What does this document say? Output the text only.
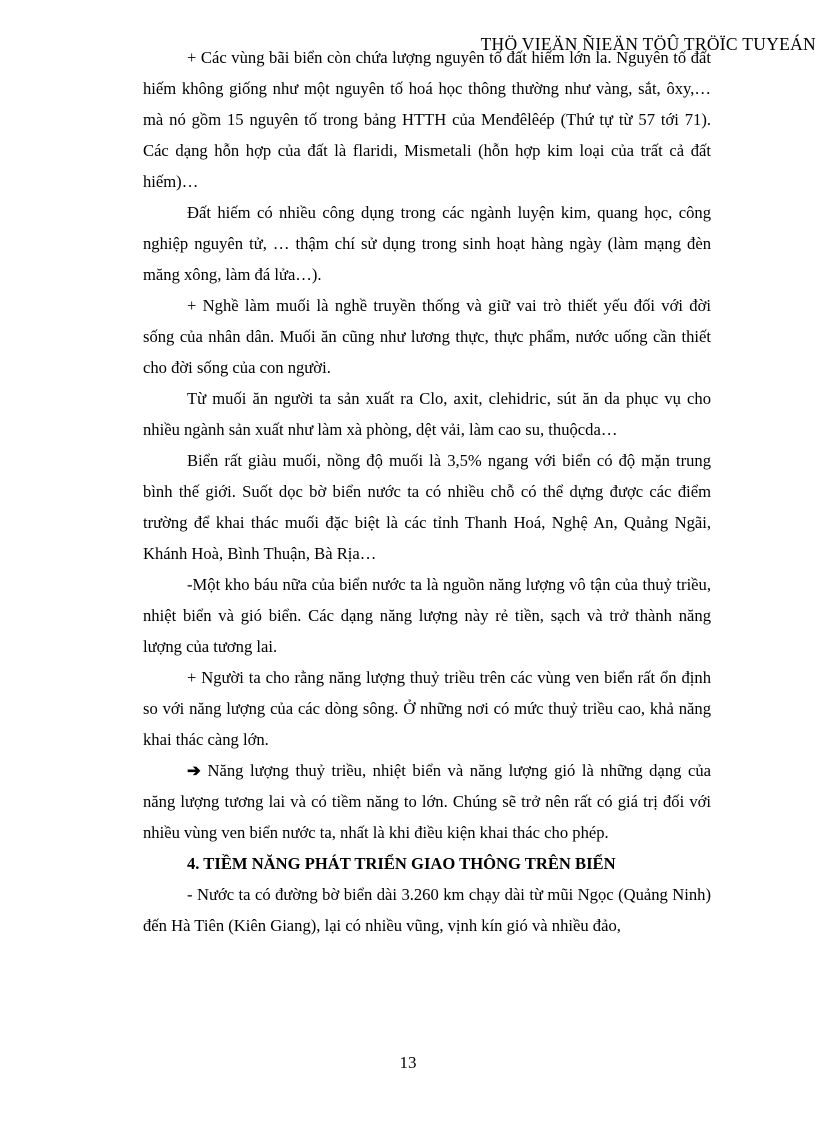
THÖ VIEÄN ÑIEÄN TÖÛ TRÖÏC TUYEÁN

+ Các vùng bãi biển còn chứa lượng nguyên tố đất hiếm lớn la. Nguyên tố đất hiếm không giống như một nguyên tố hoá học thông thường như vàng, sắt, ôxy,… mà nó gồm 15 nguyên tố trong bảng HTTH của Menđêlêép (Thứ tự từ 57 tới 71). Các dạng hỗn hợp của đất là flaridi, Mismetali (hỗn hợp kim loại của trất cả đất hiếm)…

Đất hiếm có nhiều công dụng trong các ngành luyện kim, quang học, công nghiệp nguyên tử, … thậm chí sử dụng trong sinh hoạt hàng ngày (làm mạng đèn măng xông, làm đá lửa…).

+ Nghề làm muối là nghề truyền thống và giữ vai trò thiết yếu đối với đời sống của nhân dân. Muối ăn cũng như lương thực, thực phẩm, nước uống cần thiết cho đời sống của con người.

Từ muối ăn người ta sản xuất ra Clo, axit, clehidric, sút ăn da phục vụ cho nhiều ngành sản xuất như làm xà phòng, dệt vải, làm cao su, thuộcda…

Biển rất giàu muối, nồng độ muối là 3,5% ngang với biển có độ mặn trung bình thế giới. Suốt dọc bờ biển nước ta có nhiều chỗ có thể dựng được các điểm trường để khai thác muối đặc biệt là các tỉnh Thanh Hoá, Nghệ An, Quảng Ngãi, Khánh Hoà, Bình Thuận, Bà Rịa…

-Một kho báu nữa của biển nước ta là nguồn năng lượng vô tận của thuỷ triều, nhiệt biển và gió biển. Các dạng năng lượng này rẻ tiền, sạch và trở thành năng lượng của tương lai.

+ Người ta cho rằng năng lượng thuỷ triều trên các vùng ven biển rất ổn định so với năng lượng của các dòng sông. Ở những nơi có mức thuỷ triều cao, khả năng khai thác càng lớn.

➔ Năng lượng thuỷ triều, nhiệt biển và năng lượng gió là những dạng của năng lượng tương lai và có tiềm năng to lớn. Chúng sẽ trở nên rất có giá trị đối với nhiều vùng ven biển nước ta, nhất là khi điều kiện khai thác cho phép.

4. TIỀM NĂNG PHÁT TRIỂN GIAO THÔNG TRÊN BIỂN

- Nước ta có đường bờ biển dài 3.260 km chạy dài từ mũi Ngọc (Quảng Ninh) đến Hà Tiên (Kiên Giang), lại có nhiều vũng, vịnh kín gió và nhiều đảo,

13
